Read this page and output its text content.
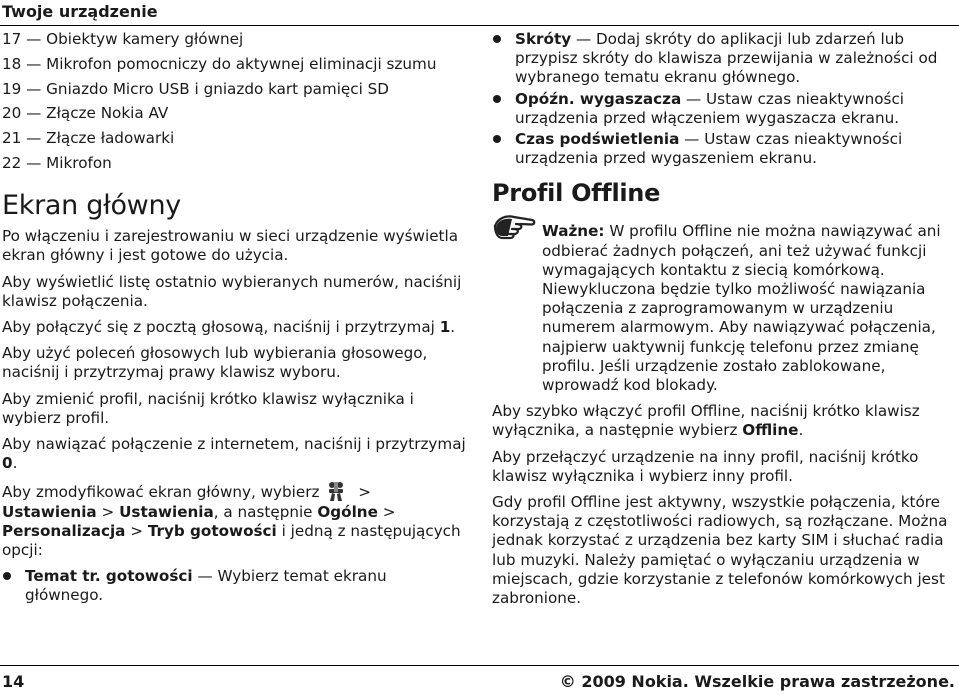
Twoje urządzenie
17 — Obiektyw kamery głównej
18 — Mikrofon pomocniczy do aktywnej eliminacji szumu
19 — Gniazdo Micro USB i gniazdo kart pamięci SD
20 — Złącze Nokia AV
21 — Złącze ładowarki
22 — Mikrofon
Ekran główny

Po włączeniu i zarejestrowaniu w sieci urządzenie wyświetla ekran główny i jest gotowe do użycia.

Aby wyświetlić listę ostatnio wybieranych numerów, naciśnij klawisz połączenia.

Aby połączyć się z pocztą głosową, naciśnij i przytrzymaj 1.

Aby użyć poleceń głosowych lub wybierania głosowego, naciśnij i przytrzymaj prawy klawisz wyboru.

Aby zmienić profil, naciśnij krótko klawisz wyłącznika i wybierz profil.

Aby nawiązać połączenie z internetem, naciśnij i przytrzymaj 0.

Aby zmodyfikować ekran główny, wybierz > Ustawienia > Ustawienia, a następnie Ogólne > Personalizacja > Tryb gotowości i jedną z następujących opcji:

Temat tr. gotowości — Wybierz temat ekranu głównego.
Skróty — Dodaj skróty do aplikacji lub zdarzeń lub przypisz skróty do klawisza przewijania w zależności od wybranego tematu ekranu głównego.
Opóźn. wygaszacza — Ustaw czas nieaktywności urządzenia przed włączeniem wygaszacza ekranu.
Czas podświetlenia — Ustaw czas nieaktywności urządzenia przed wygaszeniem ekranu.
Profil Offline

Ważne: W profilu Offline nie można nawiązywać ani odbierać żadnych połączeń, ani też używać funkcji wymagających kontaktu z siecią komórkową. Niewykluczona będzie tylko możliwość nawiązania połączenia z zaprogramowanym w urządzeniu numerem alarmowym. Aby nawiązywać połączenia, najpierw uaktywnij funkcję telefonu przez zmianę profilu. Jeśli urządzenie zostało zablokowane, wprowadź kod blokady.

Aby szybko włączyć profil Offline, naciśnij krótko klawisz wyłącznika, a następnie wybierz Offline.

Aby przełączyć urządzenie na inny profil, naciśnij krótko klawisz wyłącznika i wybierz inny profil.

Gdy profil Offline jest aktywny, wszystkie połączenia, które korzystają z częstotliwości radiowych, są rozłączane. Można jednak korzystać z urządzenia bez karty SIM i słuchać radia lub muzyki. Należy pamiętać o wyłączaniu urządzenia w miejscach, gdzie korzystanie z telefonów komórkowych jest zabronione.

14	© 2009 Nokia. Wszelkie prawa zastrzeżone.
